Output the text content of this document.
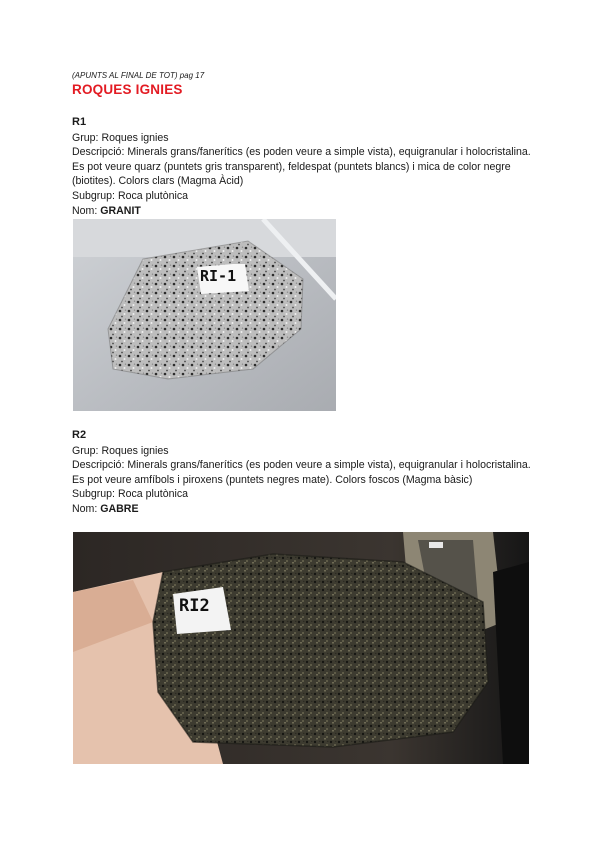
(APUNTS AL FINAL DE TOT) pag 17
ROQUES IGNIES
R1

Grup: Roques ignies

Descripció: Minerals grans/fanerítics (es poden veure a simple vista), equigranular i holocristalina. Es pot veure quarz (puntets gris transparent), feldespat (puntets blancs) i mica de color negre (biotites). Colors clars (Magma Àcid)

Subgrup: Roca plutònica

Nom: GRANIT

R2

Grup: Roques ignies

Descripció: Minerals grans/fanerítics (es poden veure a simple vista), equigranular i holocristalina. Es pot veure amfíbols i piroxens (puntets negres mate). Colors foscos (Magma bàsic)

Subgrup: Roca plutònica

Nom: GABRE

RI-1
RI2
